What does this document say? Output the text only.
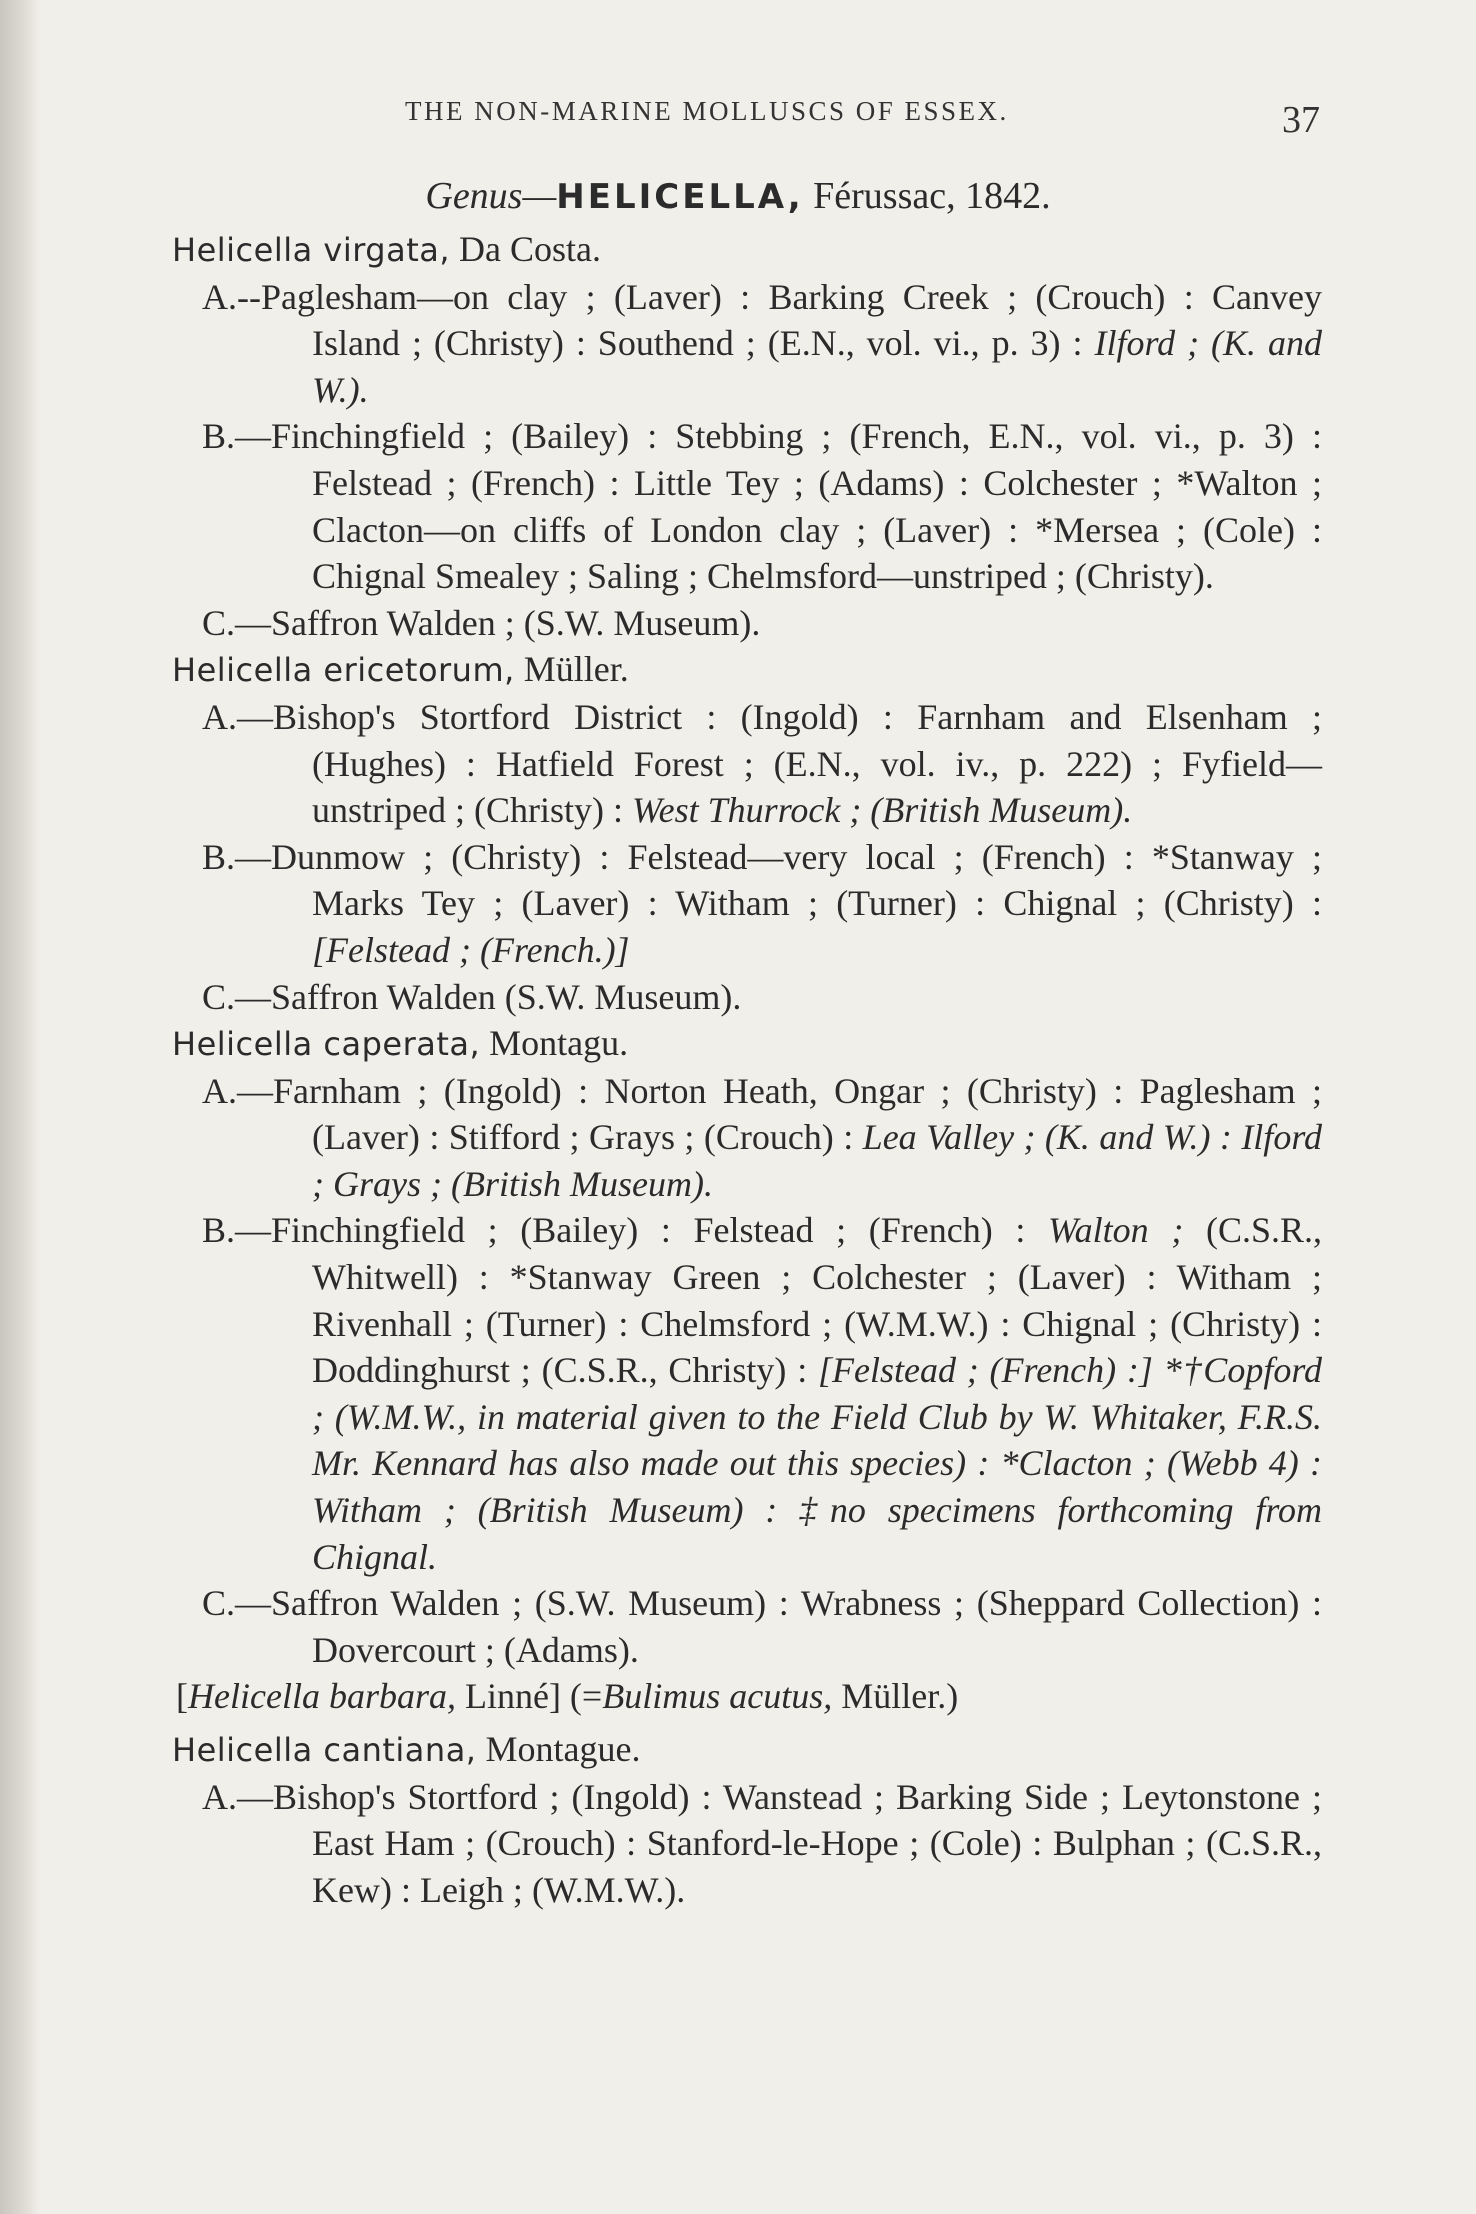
THE NON-MARINE MOLLUSCS OF ESSEX.	37
Genus—HELICELLA, Férussac, 1842.

Helicella virgata, Da Costa.

A.--Paglesham—on clay ; (Laver) : Barking Creek ; (Crouch) : Canvey Island ; (Christy) : Southend ; (E.N., vol. vi., p. 3) : Ilford ; (K. and W.).

B.—Finchingfield ; (Bailey) : Stebbing ; (French, E.N., vol. vi., p. 3) : Felstead ; (French) : Little Tey ; (Adams) : Colchester ; *Walton ; Clacton—on cliffs of London clay ; (Laver) : *Mersea ; (Cole) : Chignal Smealey ; Saling ; Chelmsford—unstriped ; (Christy).

C.—Saffron Walden ; (S.W. Museum).

Helicella ericetorum, Müller.

A.—Bishop's Stortford District : (Ingold) : Farnham and Elsenham ; (Hughes) : Hatfield Forest ; (E.N., vol. iv., p. 222) ; Fyfield—unstriped ; (Christy) : West Thurrock ; (British Museum).

B.—Dunmow ; (Christy) : Felstead—very local ; (French) : *Stanway ; Marks Tey ; (Laver) : Witham ; (Turner) : Chignal ; (Christy) : [Felstead ; (French.)]

C.—Saffron Walden (S.W. Museum).

Helicella caperata, Montagu.

A.—Farnham ; (Ingold) : Norton Heath, Ongar ; (Christy) : Paglesham ; (Laver) : Stifford ; Grays ; (Crouch) : Lea Valley ; (K. and W.) : Ilford ; Grays ; (British Museum).

B.—Finchingfield ; (Bailey) : Felstead ; (French) : Walton ; (C.S.R., Whitwell) : *Stanway Green ; Colchester ; (Laver) : Witham ; Rivenhall ; (Turner) : Chelmsford ; (W.M.W.) : Chignal ; (Christy) : Doddinghurst ; (C.S.R., Christy) : [Felstead ; (French) :] *†Copford ; (W.M.W., in material given to the Field Club by W. Whitaker, F.R.S. Mr. Kennard has also made out this species) : *Clacton ; (Webb 4) : Witham ; (British Museum) : ‡no specimens forthcoming from Chignal.

C.—Saffron Walden ; (S.W. Museum) : Wrabness ; (Sheppard Collection) : Dovercourt ; (Adams).

[Helicella barbara, Linné] (=Bulimus acutus, Müller.)

Helicella cantiana, Montague.

A.—Bishop's Stortford ; (Ingold) : Wanstead ; Barking Side ; Leytonstone ; East Ham ; (Crouch) : Stanford-le-Hope ; (Cole) : Bulphan ; (C.S.R., Kew) : Leigh ; (W.M.W.).
